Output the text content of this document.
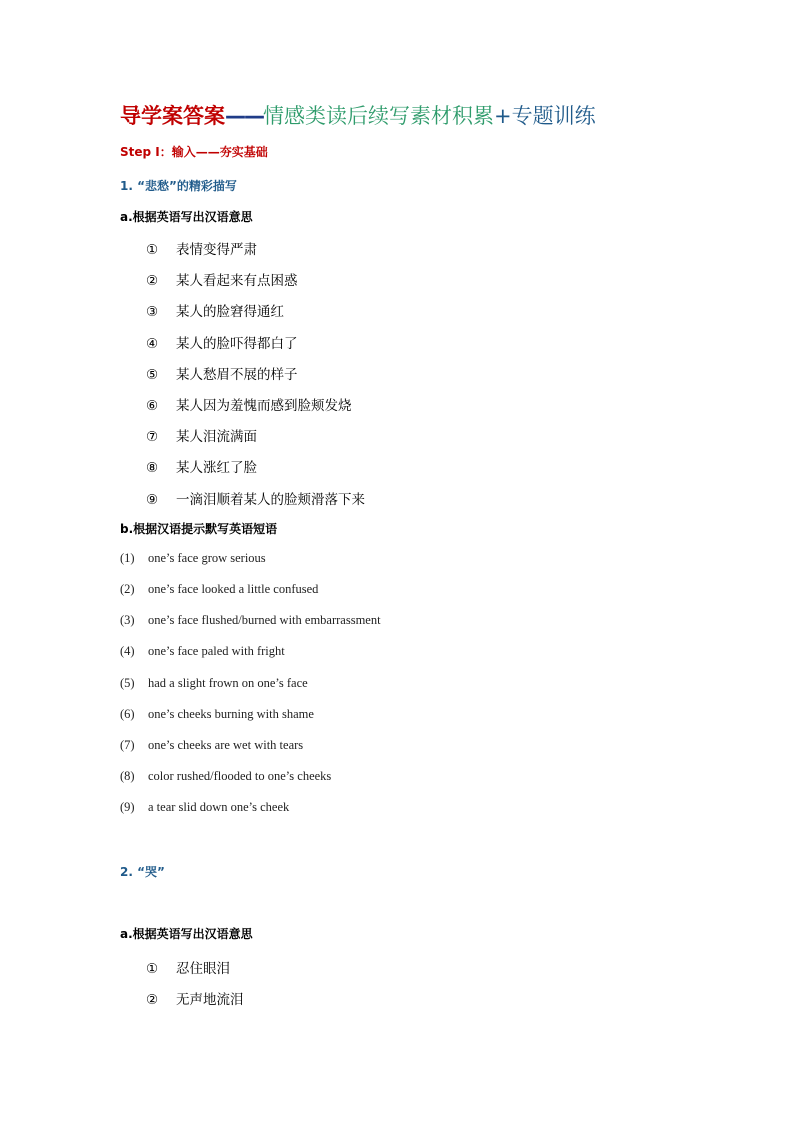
导学案答案——情感类读后续写素材积累+专题训练
Step I：输入——夯实基础
1. “悲愁”的精彩描写
a.根据英语写出汉语意思
① 表情变得严肃
② 某人看起来有点困惑
③ 某人的脸窘得通红
④ 某人的脸吓得都白了
⑤ 某人愁眉不展的样子
⑥ 某人因为羞愧而感到脸颊发烧
⑦ 某人泪流满面
⑧ 某人涨红了脸
⑨ 一滴泪顺着某人的脸颊滑落下来
b.根据汉语提示默写英语短语
(1) one’s face grow serious
(2) one’s face looked a little confused
(3) one’s face flushed/burned with embarrassment
(4) one’s face paled with fright
(5) had a slight frown on one’s face
(6) one’s cheeks burning with shame
(7) one’s cheeks are wet with tears
(8) color rushed/flooded to one’s cheeks
(9) a tear slid down one’s cheek
2. “哭”
a.根据英语写出汉语意思
① 忍住眼泪
② 无声地流泪
